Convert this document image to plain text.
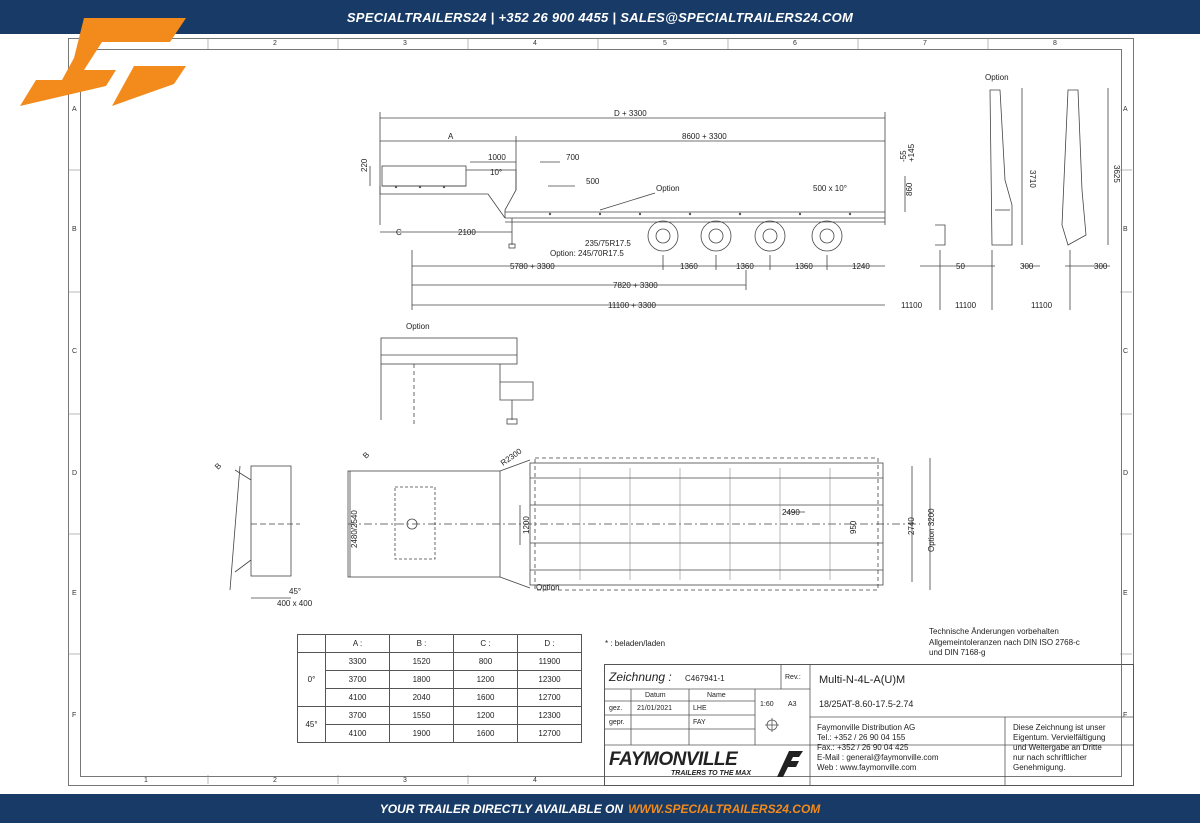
SPECIALTRAILERS24 | +352 26 900 4455 | SALES@SPECIALTRAILERS24.COM
2	3	4	5	6	7	8
A
B
C
D
E
F
A
B
C
D
E
F
1	2	3	4
D + 3300
A	8600 + 3300
1000	700
500
220
10°
Option	500 x 10°	860
-55 +145
C	2100
235/75R17.5
Option: 245/70R17.5
5780 + 3300	1360	1360	1360	1240
7820 + 3300
11100 + 3300
Option
3710	3625
50	300	300
11100	11100	11100
Option
B
45°
400 x 400
B	R2300
2480/2540	1200
2490
950	2740 Option 3200
Option
	A :	B :	C :	D :
0°	3300	1520	800	11900
	3700	1800	1200	12300
	4100	2040	1600	12700
45°	3700	1550	1200	12300
	4100	1900	1600	12700
* : beladen/laden
Technische Änderungen vorbehalten
Allgemeintoleranzen nach DIN ISO 2768-c
und DIN 7168-g
Zeichnung : C467941-1	Rev.: Multi-N-4L-A(U)M
18/25AT-8.60-17.5-2.74
Datum	Name
gez. 21/01/2021	LHE
gepr.	FAY
1:60 A3
Faymonville Distribution AG
Tel.: +352 / 26 90 04 155
Fax.: +352 / 26 90 04 425
E-Mail : general@faymonville.com
Web : www.faymonville.com
Diese Zeichnung ist unser
Eigentum. Vervielfältigung
und Weitergabe an Dritte
nur nach schriftlicher
Genehmigung.
FAYMONVILLE
TRAILERS TO THE MAX
YOUR TRAILER DIRECTLY AVAILABLE ON WWW.SPECIALTRAILERS24.COM
